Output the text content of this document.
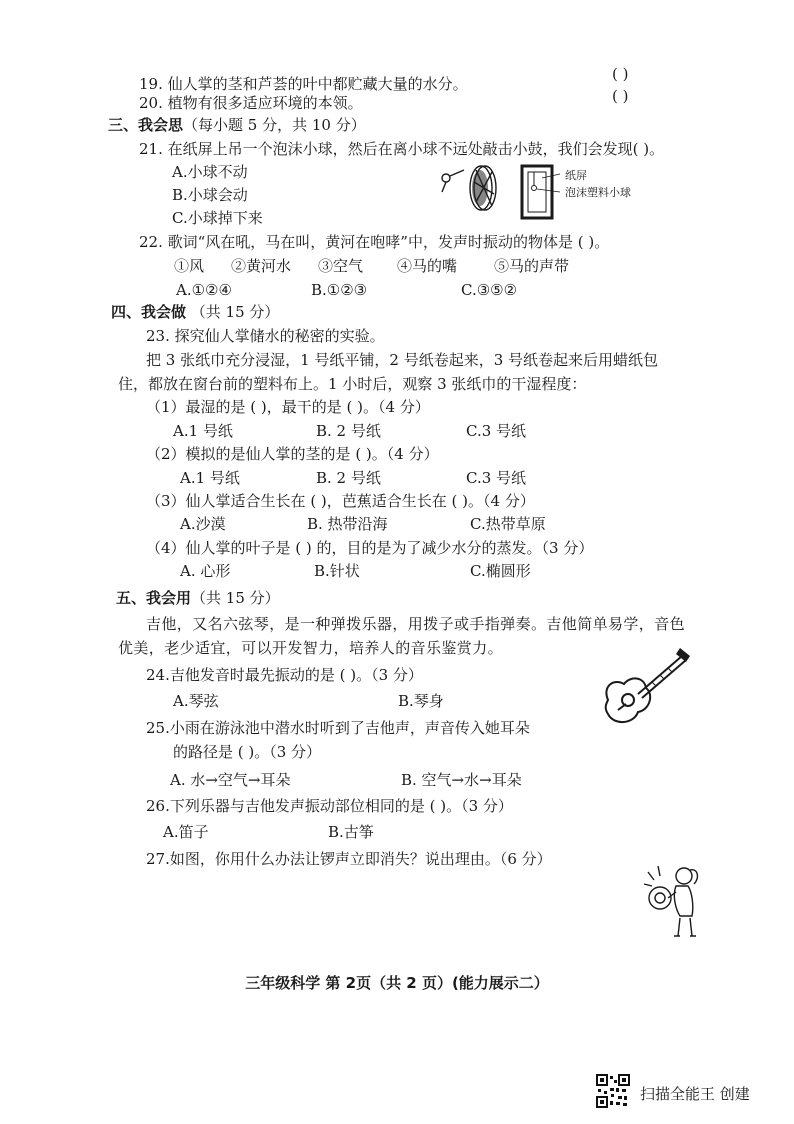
19. 仙人掌的茎和芦荟的叶中都贮藏大量的水分。
( )
20. 植物有很多适应环境的本领。	( )
三、我会思（每小题 5 分，共 10 分）
21. 在纸屏上吊一个泡沫小球，然后在离小球不远处敲击小鼓，我们会发现( )。
A.小球不动
B.小球会动
C.小球掉下来
纸屏
泡沫塑料小球
22. 歌词“风在吼，马在叫，黄河在咆哮”中，发声时振动的物体是 ( )。
①风 ②黄河水 ③空气 ④马的嘴 ⑤马的声带
A.①②④	B.①②③	C.③⑤②
四、我会做 （共 15 分）
23. 探究仙人掌储水的秘密的实验。
把 3 张纸巾充分浸湿，1 号纸平铺，2 号纸卷起来，3 号纸卷起来后用蜡纸包
住，都放在窗台前的塑料布上。1 小时后，观察 3 张纸巾的干湿程度：
（1）最湿的是 ( )，最干的是 ( )。（4 分）
A.1 号纸	B. 2 号纸	C.3 号纸
（2）模拟的是仙人掌的茎的是 ( )。（4 分）
A.1 号纸	B. 2 号纸	C.3 号纸
（3）仙人掌适合生长在 ( )，芭蕉适合生长在 ( )。（4 分）
A.沙漠	B. 热带沿海	C.热带草原
（4）仙人掌的叶子是 ( ) 的，目的是为了减少水分的蒸发。（3 分）
A. 心形	B.针状	C.椭圆形
五、我会用（共 15 分）
吉他，又名六弦琴，是一种弹拨乐器，用拨子或手指弹奏。吉他简单易学，音色
优美，老少适宜，可以开发智力，培养人的音乐鉴赏力。
24.吉他发音时最先振动的是 ( )。（3 分）
A.琴弦	B.琴身
25.小雨在游泳池中潜水时听到了吉他声，声音传入她耳朵
的路径是 ( )。（3 分）
A. 水→空气→耳朵	B. 空气→水→耳朵
26.下列乐器与吉他发声振动部位相同的是 ( )。（3 分）
A.笛子	B.古筝
27.如图，你用什么办法让锣声立即消失？说出理由。（6 分）
三年级科学 第 2页（共 2 页）(能力展示二）
扫描全能王 创建
